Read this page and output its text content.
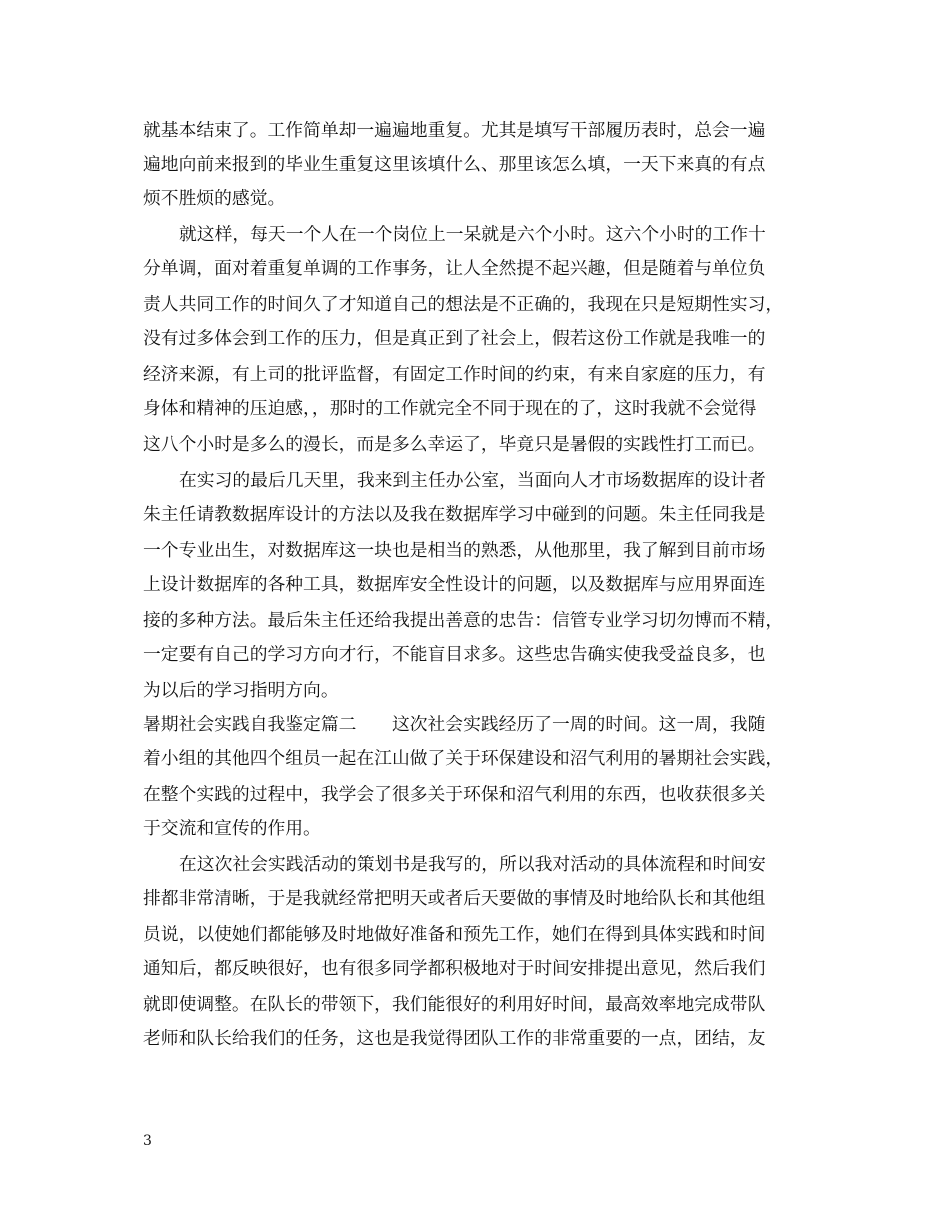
就基本结束了。工作简单却一遍遍地重复。尤其是填写干部履历表时，总会一遍
遍地向前来报到的毕业生重复这里该填什么、那里该怎么填，一天下来真的有点
烦不胜烦的感觉。
就这样，每天一个人在一个岗位上一呆就是六个小时。这六个小时的工作十
分单调，面对着重复单调的工作事务，让人全然提不起兴趣，但是随着与单位负
责人共同工作的时间久了才知道自己的想法是不正确的，我现在只是短期性实习，
没有过多体会到工作的压力，但是真正到了社会上，假若这份工作就是我唯一的
经济来源，有上司的批评监督，有固定工作时间的约束，有来自家庭的压力，有
身体和精神的压迫感，，那时的工作就完全不同于现在的了，这时我就不会觉得
这八个小时是多么的漫长，而是多么幸运了，毕竟只是暑假的实践性打工而已。
在实习的最后几天里，我来到主任办公室，当面向人才市场数据库的设计者
朱主任请教数据库设计的方法以及我在数据库学习中碰到的问题。朱主任同我是
一个专业出生，对数据库这一块也是相当的熟悉，从他那里，我了解到目前市场
上设计数据库的各种工具，数据库安全性设计的问题，以及数据库与应用界面连
接的多种方法。最后朱主任还给我提出善意的忠告：信管专业学习切勿博而不精，
一定要有自己的学习方向才行，不能盲目求多。这些忠告确实使我受益良多，也
为以后的学习指明方向。
暑期社会实践自我鉴定篇二　　这次社会实践经历了一周的时间。这一周，我随
着小组的其他四个组员一起在江山做了关于环保建设和沼气利用的暑期社会实践，
在整个实践的过程中，我学会了很多关于环保和沼气利用的东西，也收获很多关
于交流和宣传的作用。
在这次社会实践活动的策划书是我写的，所以我对活动的具体流程和时间安
排都非常清晰，于是我就经常把明天或者后天要做的事情及时地给队长和其他组
员说，以使她们都能够及时地做好准备和预先工作，她们在得到具体实践和时间
通知后，都反映很好，也有很多同学都积极地对于时间安排提出意见，然后我们
就即使调整。在队长的带领下，我们能很好的利用好时间，最高效率地完成带队
老师和队长给我们的任务，这也是我觉得团队工作的非常重要的一点，团结，友
3
